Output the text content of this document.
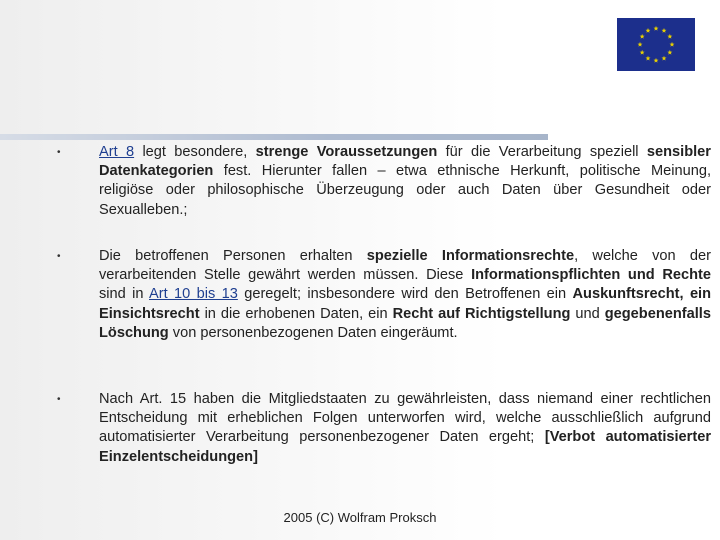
•	Art 8 legt besondere, strenge Voraussetzungen für die Verarbeitung speziell sensibler Datenkategorien fest. Hierunter fallen – etwa ethnische Herkunft, politische Meinung, religiöse oder philosophische Überzeugung oder auch Daten über Gesundheit oder Sexualleben.;
•	Die betroffenen Personen erhalten spezielle Informationsrechte, welche von der verarbeitenden Stelle gewährt werden müssen. Diese Informationspflichten und Rechte sind in Art 10 bis 13 geregelt; insbesondere wird den Betroffenen ein Auskunftsrecht, ein Einsichtsrecht in die erhobenen Daten, ein Recht auf Richtigstellung und gegebenenfalls Löschung von personenbezogenen Daten eingeräumt.
•	Nach Art. 15 haben die Mitgliedstaaten zu gewährleisten, dass niemand einer rechtlichen Entscheidung mit erheblichen Folgen unterworfen wird, welche ausschließlich aufgrund automatisierter Verarbeitung personenbezogener Daten ergeht; [Verbot automatisierter Einzelentscheidungen]
2005 (C) Wolfram Proksch
